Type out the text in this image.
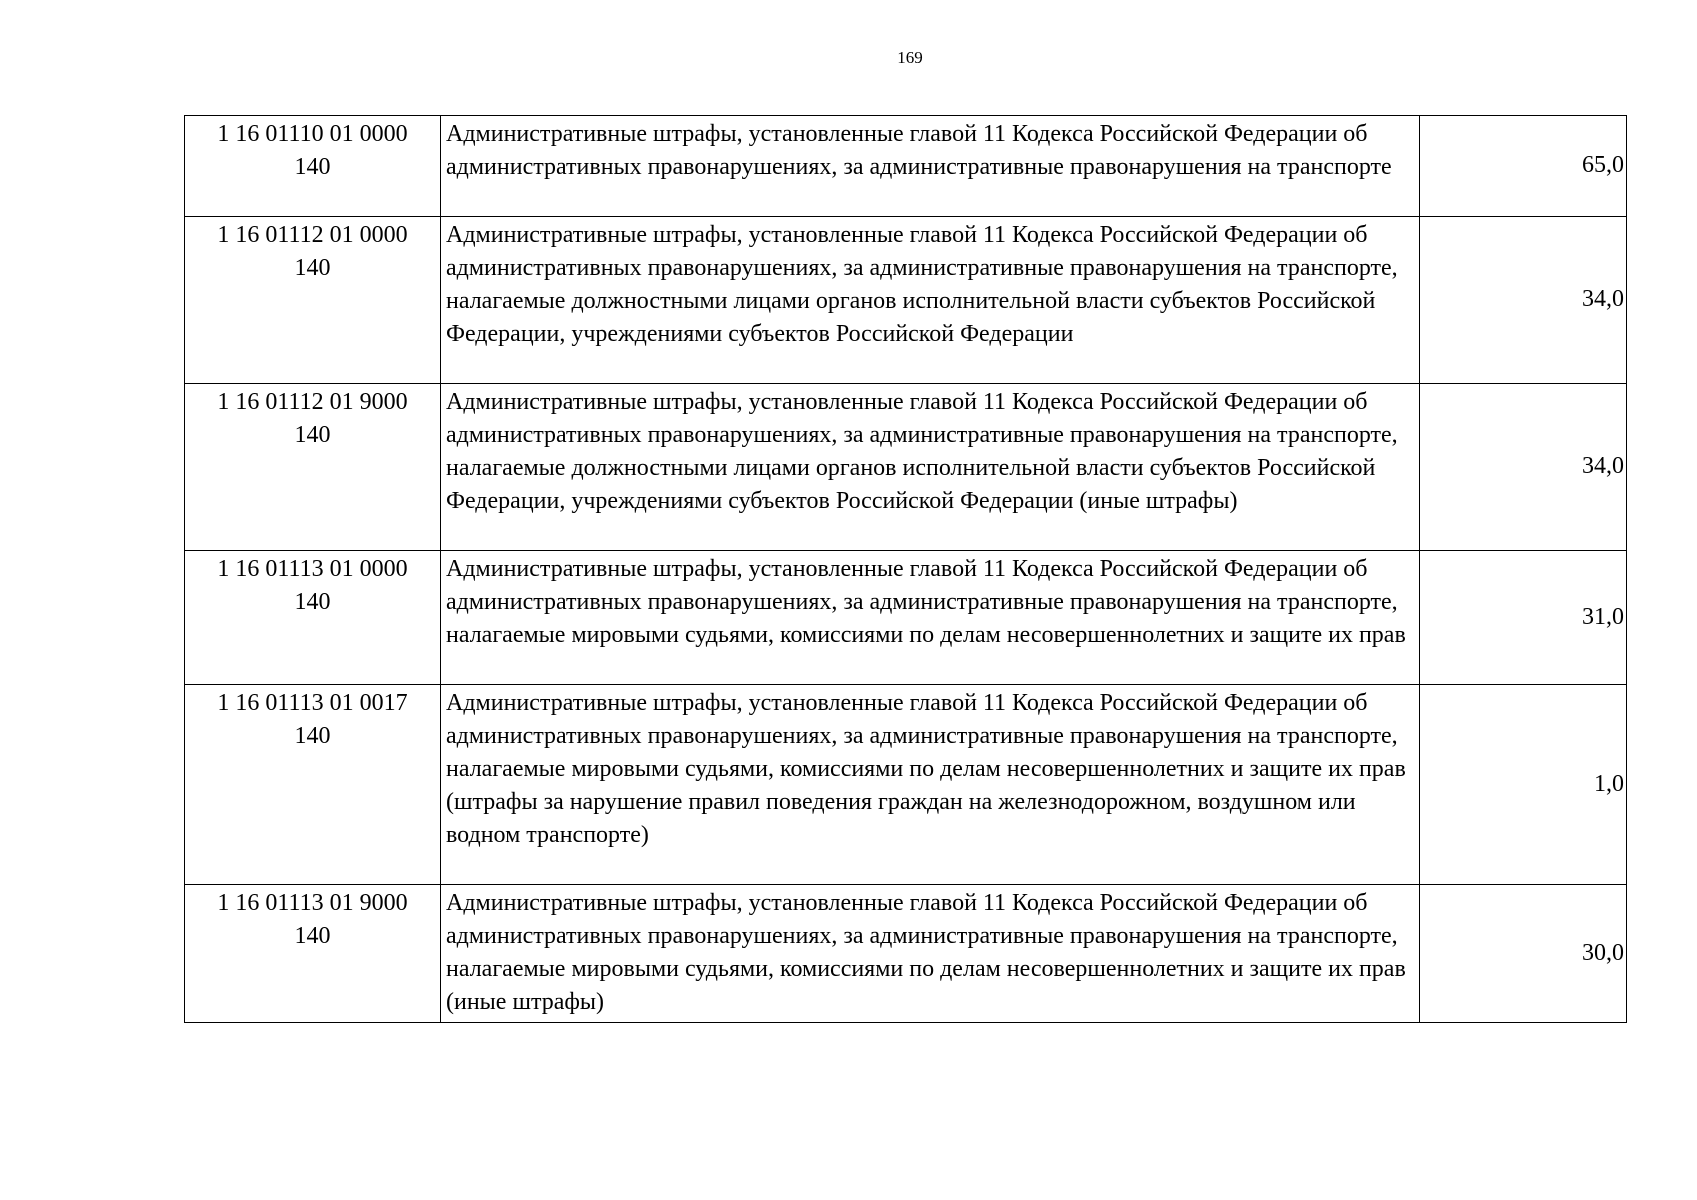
169
1 16 01110 01 0000
140	Административные штрафы, установленные главой 11 Кодекса Российской Федерации об административных правонарушениях, за административные правонарушения на транспорте	65,0

1 16 01112 01 0000
140	Административные штрафы, установленные главой 11 Кодекса Российской Федерации об административных правонарушениях, за административные правонарушения на транспорте, налагаемые должностными лицами органов исполнительной власти субъектов Российской Федерации, учреждениями субъектов Российской Федерации	34,0

1 16 01112 01 9000
140	Административные штрафы, установленные главой 11 Кодекса Российской Федерации об административных правонарушениях, за административные правонарушения на транспорте, налагаемые должностными лицами органов исполнительной власти субъектов Российской Федерации, учреждениями субъектов Российской Федерации (иные штрафы)	34,0

1 16 01113 01 0000
140	Административные штрафы, установленные главой 11 Кодекса Российской Федерации об административных правонарушениях, за административные правонарушения на транспорте, налагаемые мировыми судьями, комиссиями по делам несовершеннолетних и защите их прав	31,0

1 16 01113 01 0017
140	Административные штрафы, установленные главой 11 Кодекса Российской Федерации об административных правонарушениях, за административные правонарушения на транспорте, налагаемые мировыми судьями, комиссиями по делам несовершеннолетних и защите их прав (штрафы за нарушение правил поведения граждан на железнодорожном, воздушном или водном транспорте)	1,0

1 16 01113 01 9000
140	Административные штрафы, установленные главой 11 Кодекса Российской Федерации об административных правонарушениях, за административные правонарушения на транспорте, налагаемые мировыми судьями, комиссиями по делам несовершеннолетних и защите их прав (иные штрафы)	30,0
